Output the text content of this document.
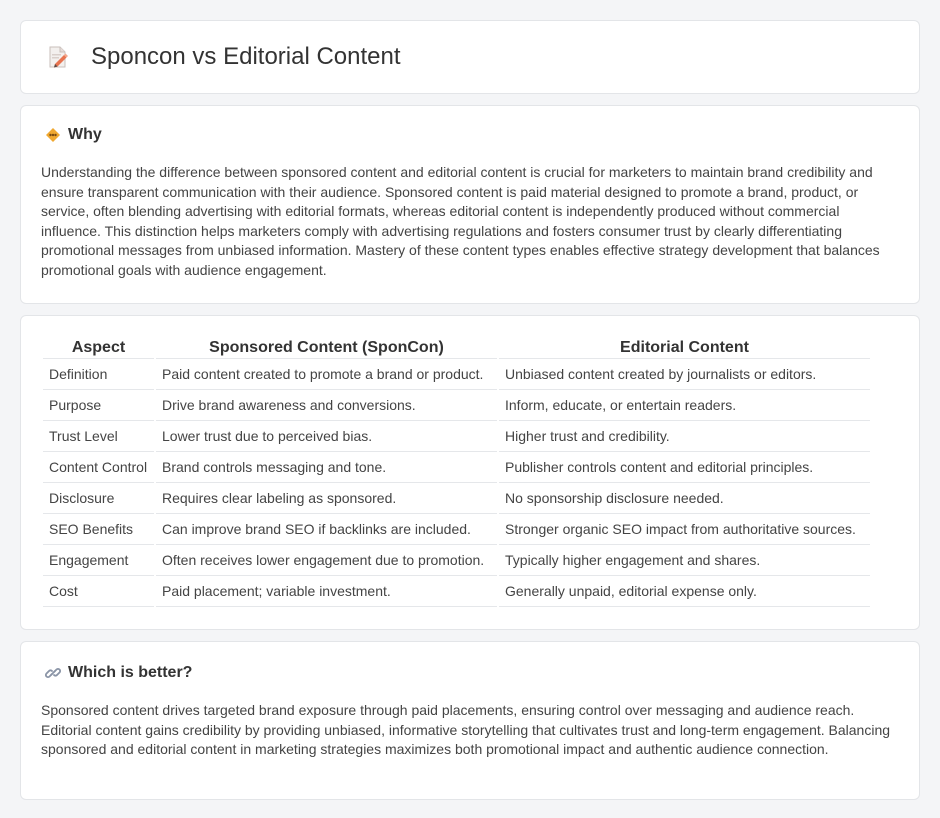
Sponcon vs Editorial Content
Why

Understanding the difference between sponsored content and editorial content is crucial for marketers to maintain brand credibility and ensure transparent communication with their audience. Sponsored content is paid material designed to promote a brand, product, or service, often blending advertising with editorial formats, whereas editorial content is independently produced without commercial influence. This distinction helps marketers comply with advertising regulations and fosters consumer trust by clearly differentiating promotional messages from unbiased information. Mastery of these content types enables effective strategy development that balances promotional goals with audience engagement.

Aspect	Sponsored Content (SponCon)	Editorial Content
Definition	Paid content created to promote a brand or product.	Unbiased content created by journalists or editors.
Purpose	Drive brand awareness and conversions.	Inform, educate, or entertain readers.
Trust Level	Lower trust due to perceived bias.	Higher trust and credibility.
Content Control	Brand controls messaging and tone.	Publisher controls content and editorial principles.
Disclosure	Requires clear labeling as sponsored.	No sponsorship disclosure needed.
SEO Benefits	Can improve brand SEO if backlinks are included.	Stronger organic SEO impact from authoritative sources.
Engagement	Often receives lower engagement due to promotion.	Typically higher engagement and shares.
Cost	Paid placement; variable investment.	Generally unpaid, editorial expense only.
Which is better?

Sponsored content drives targeted brand exposure through paid placements, ensuring control over messaging and audience reach. Editorial content gains credibility by providing unbiased, informative storytelling that cultivates trust and long-term engagement. Balancing sponsored and editorial content in marketing strategies maximizes both promotional impact and authentic audience connection.
